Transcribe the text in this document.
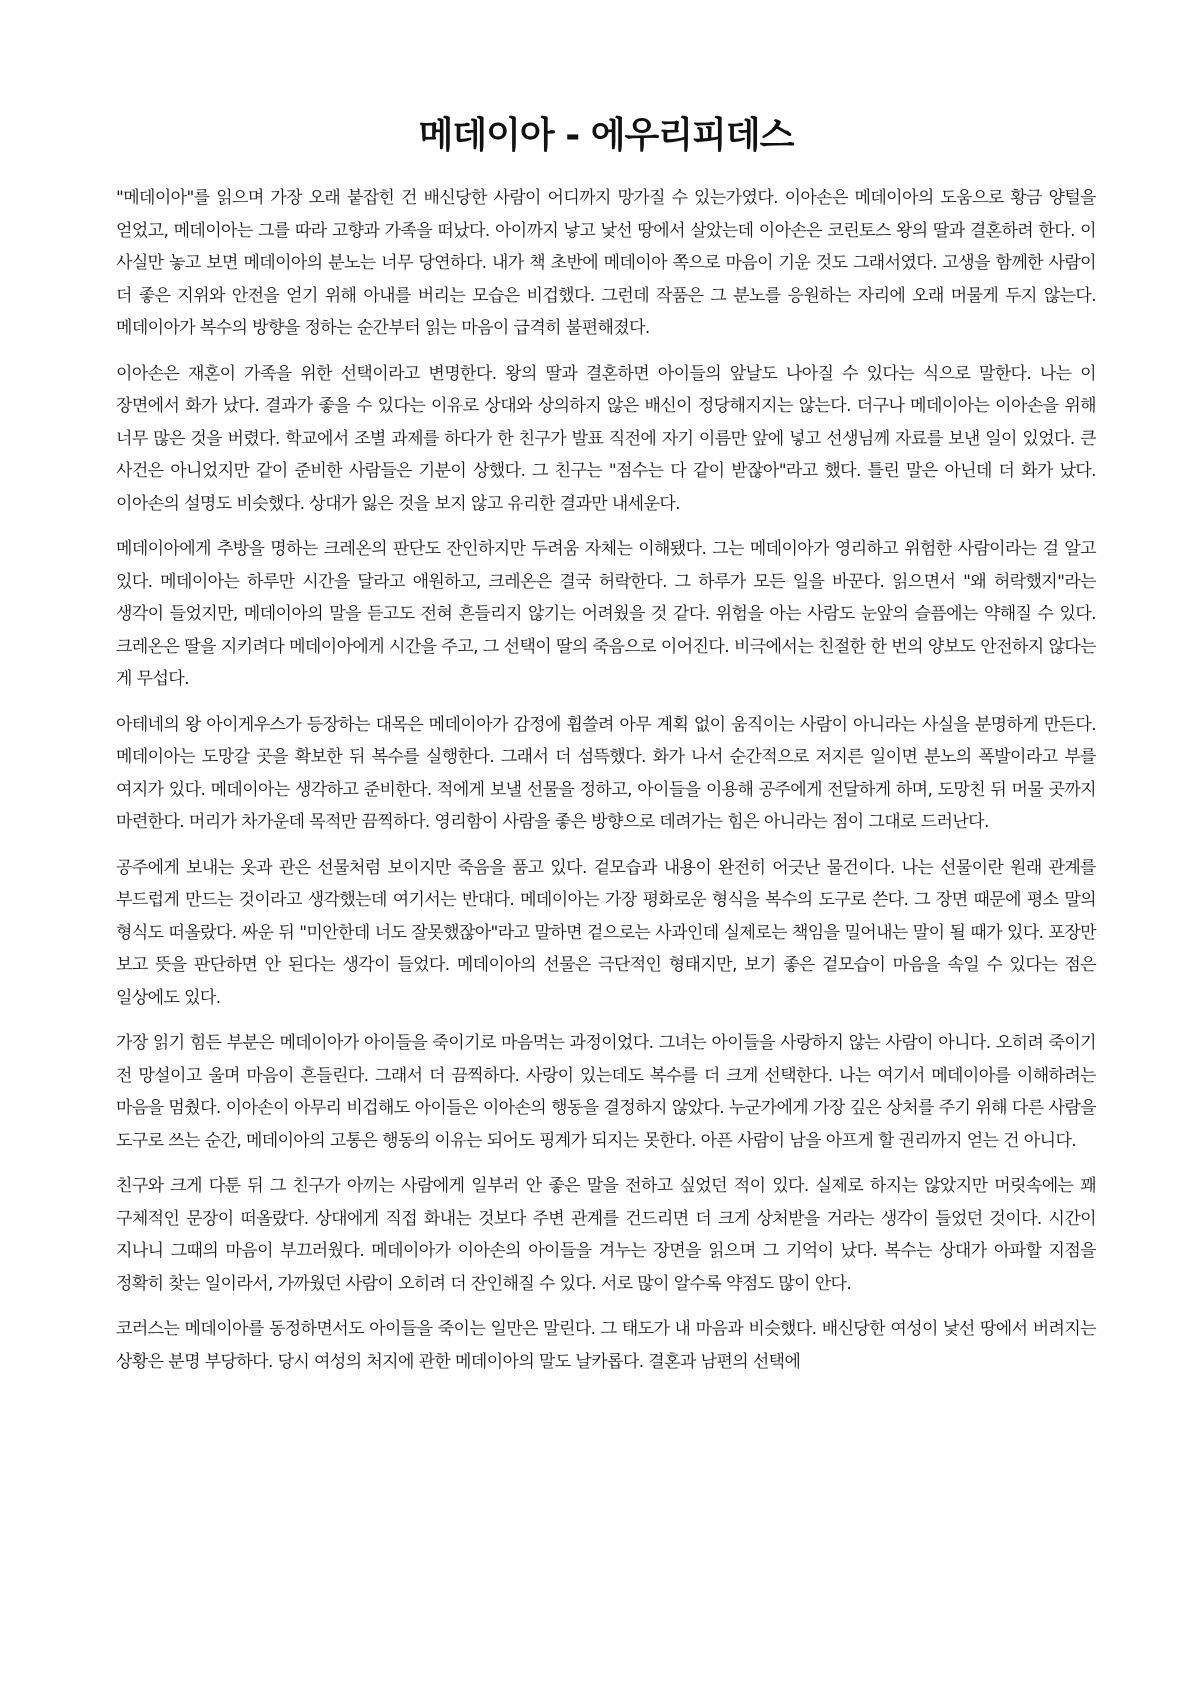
메데이아 - 에우리피데스

"메데이아"를 읽으며 가장 오래 붙잡힌 건 배신당한 사람이 어디까지 망가질 수 있는가였다. 이아손은 메데이아의 도움으로 황금 양털을 얻었고, 메데이아는 그를 따라 고향과 가족을 떠났다. 아이까지 낳고 낯선 땅에서 살았는데 이아손은 코린토스 왕의 딸과 결혼하려 한다. 이 사실만 놓고 보면 메데이아의 분노는 너무 당연하다. 내가 책 초반에 메데이아 쪽으로 마음이 기운 것도 그래서였다. 고생을 함께한 사람이 더 좋은 지위와 안전을 얻기 위해 아내를 버리는 모습은 비겁했다. 그런데 작품은 그 분노를 응원하는 자리에 오래 머물게 두지 않는다. 메데이아가 복수의 방향을 정하는 순간부터 읽는 마음이 급격히 불편해졌다.

이아손은 재혼이 가족을 위한 선택이라고 변명한다. 왕의 딸과 결혼하면 아이들의 앞날도 나아질 수 있다는 식으로 말한다. 나는 이 장면에서 화가 났다. 결과가 좋을 수 있다는 이유로 상대와 상의하지 않은 배신이 정당해지지는 않는다. 더구나 메데이아는 이아손을 위해 너무 많은 것을 버렸다. 학교에서 조별 과제를 하다가 한 친구가 발표 직전에 자기 이름만 앞에 넣고 선생님께 자료를 보낸 일이 있었다. 큰 사건은 아니었지만 같이 준비한 사람들은 기분이 상했다. 그 친구는 "점수는 다 같이 받잖아"라고 했다. 틀린 말은 아닌데 더 화가 났다. 이아손의 설명도 비슷했다. 상대가 잃은 것을 보지 않고 유리한 결과만 내세운다.

메데이아에게 추방을 명하는 크레온의 판단도 잔인하지만 두려움 자체는 이해됐다. 그는 메데이아가 영리하고 위험한 사람이라는 걸 알고 있다. 메데이아는 하루만 시간을 달라고 애원하고, 크레온은 결국 허락한다. 그 하루가 모든 일을 바꾼다. 읽으면서 "왜 허락했지"라는 생각이 들었지만, 메데이아의 말을 듣고도 전혀 흔들리지 않기는 어려웠을 것 같다. 위험을 아는 사람도 눈앞의 슬픔에는 약해질 수 있다. 크레온은 딸을 지키려다 메데이아에게 시간을 주고, 그 선택이 딸의 죽음으로 이어진다. 비극에서는 친절한 한 번의 양보도 안전하지 않다는 게 무섭다.

아테네의 왕 아이게우스가 등장하는 대목은 메데이아가 감정에 휩쓸려 아무 계획 없이 움직이는 사람이 아니라는 사실을 분명하게 만든다. 메데이아는 도망갈 곳을 확보한 뒤 복수를 실행한다. 그래서 더 섬뜩했다. 화가 나서 순간적으로 저지른 일이면 분노의 폭발이라고 부를 여지가 있다. 메데이아는 생각하고 준비한다. 적에게 보낼 선물을 정하고, 아이들을 이용해 공주에게 전달하게 하며, 도망친 뒤 머물 곳까지 마련한다. 머리가 차가운데 목적만 끔찍하다. 영리함이 사람을 좋은 방향으로 데려가는 힘은 아니라는 점이 그대로 드러난다.

공주에게 보내는 옷과 관은 선물처럼 보이지만 죽음을 품고 있다. 겉모습과 내용이 완전히 어긋난 물건이다. 나는 선물이란 원래 관계를 부드럽게 만드는 것이라고 생각했는데 여기서는 반대다. 메데이아는 가장 평화로운 형식을 복수의 도구로 쓴다. 그 장면 때문에 평소 말의 형식도 떠올랐다. 싸운 뒤 "미안한데 너도 잘못했잖아"라고 말하면 겉으로는 사과인데 실제로는 책임을 밀어내는 말이 될 때가 있다. 포장만 보고 뜻을 판단하면 안 된다는 생각이 들었다. 메데이아의 선물은 극단적인 형태지만, 보기 좋은 겉모습이 마음을 속일 수 있다는 점은 일상에도 있다.

가장 읽기 힘든 부분은 메데이아가 아이들을 죽이기로 마음먹는 과정이었다. 그녀는 아이들을 사랑하지 않는 사람이 아니다. 오히려 죽이기 전 망설이고 울며 마음이 흔들린다. 그래서 더 끔찍하다. 사랑이 있는데도 복수를 더 크게 선택한다. 나는 여기서 메데이아를 이해하려는 마음을 멈췄다. 이아손이 아무리 비겁해도 아이들은 이아손의 행동을 결정하지 않았다. 누군가에게 가장 깊은 상처를 주기 위해 다른 사람을 도구로 쓰는 순간, 메데이아의 고통은 행동의 이유는 되어도 핑계가 되지는 못한다. 아픈 사람이 남을 아프게 할 권리까지 얻는 건 아니다.

친구와 크게 다툰 뒤 그 친구가 아끼는 사람에게 일부러 안 좋은 말을 전하고 싶었던 적이 있다. 실제로 하지는 않았지만 머릿속에는 꽤 구체적인 문장이 떠올랐다. 상대에게 직접 화내는 것보다 주변 관계를 건드리면 더 크게 상처받을 거라는 생각이 들었던 것이다. 시간이 지나니 그때의 마음이 부끄러웠다. 메데이아가 이아손의 아이들을 겨누는 장면을 읽으며 그 기억이 났다. 복수는 상대가 아파할 지점을 정확히 찾는 일이라서, 가까웠던 사람이 오히려 더 잔인해질 수 있다. 서로 많이 알수록 약점도 많이 안다.

코러스는 메데이아를 동정하면서도 아이들을 죽이는 일만은 말린다. 그 태도가 내 마음과 비슷했다. 배신당한 여성이 낯선 땅에서 버려지는 상황은 분명 부당하다. 당시 여성의 처지에 관한 메데이아의 말도 날카롭다. 결혼과 남편의 선택에
